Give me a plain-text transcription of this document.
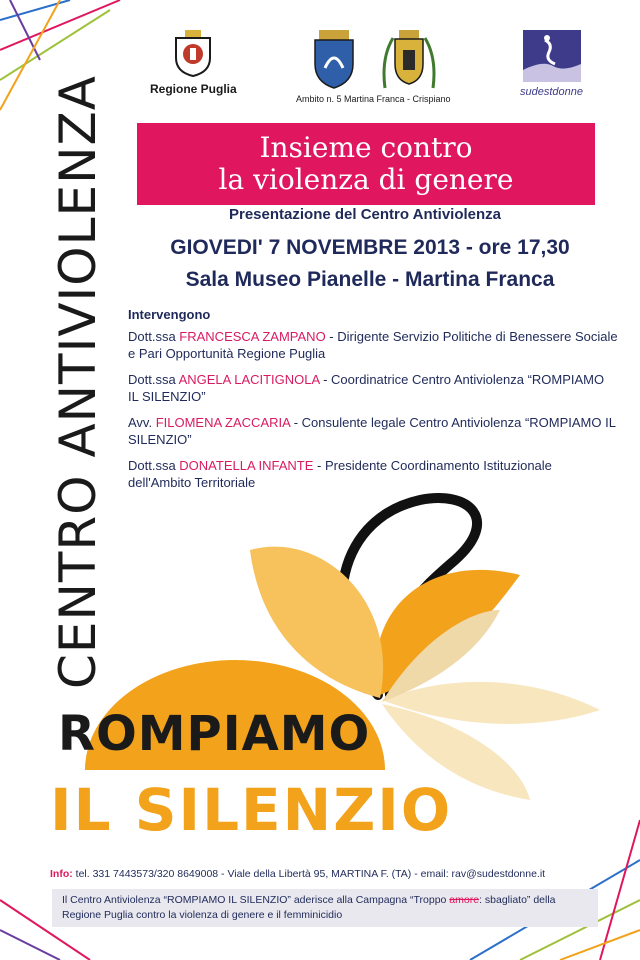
CENTRO ANTIVIOLENZA	Regione Puglia
Ambito n. 5 Martina Franca - Crispiano
sudestdonne
Insieme contro
la violenza di genere
Presentazione del Centro Antiviolenza
GIOVEDI' 7 NOVEMBRE 2013 - ore 17,30
Sala Museo Pianelle - Martina Franca
Intervengono
Dott.ssa FRANCESCA ZAMPANO - Dirigente Servizio Politiche di Benessere Sociale e Pari Opportunità Regione Puglia
Dott.ssa ANGELA LACITIGNOLA - Coordinatrice Centro Antiviolenza “ROMPIAMO IL SILENZIO”
Avv. FILOMENA ZACCARIA - Consulente legale Centro Antiviolenza “ROMPIAMO IL SILENZIO”
Dott.ssa DONATELLA INFANTE - Presidente Coordinamento Istituzionale dell'Ambito Territoriale
ROMPIAMO
IL SILENZIO
Info: tel. 331 7443573/320 8649008 - Viale della Libertà 95, MARTINA F. (TA) - email: rav@sudestdonne.it
Il Centro Antiviolenza “ROMPIAMO IL SILENZIO” aderisce alla Campagna “Troppo amore: sbagliato” della Regione Puglia contro la violenza di genere e il femminicidio
